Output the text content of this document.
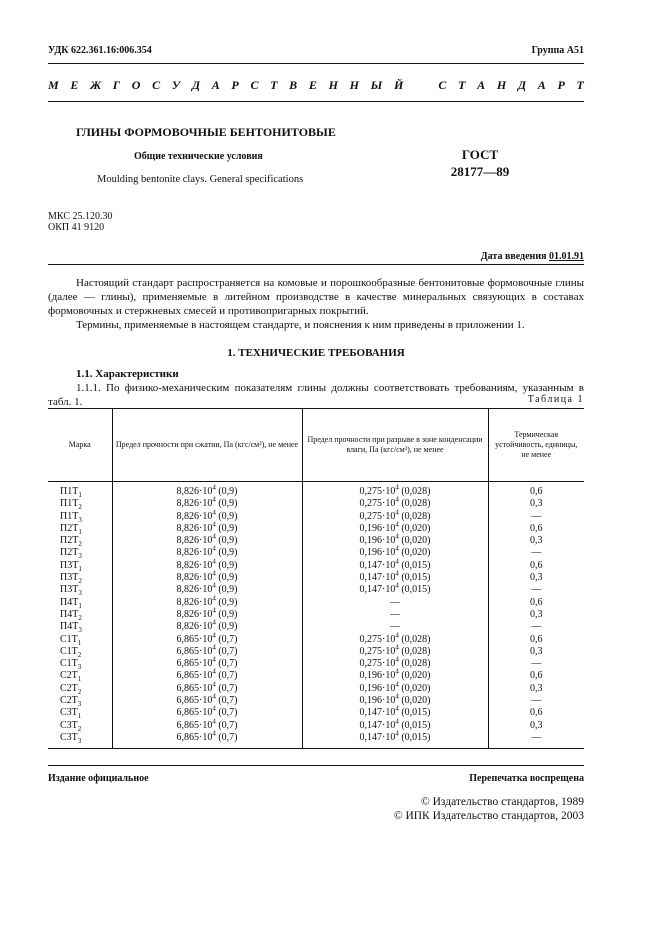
УДК 622.361.16:006.354	Группа А51
М Е Ж Г О С У Д А Р С Т В Е Н Н Ы Й	С Т А Н Д А Р Т
ГЛИНЫ ФОРМОВОЧНЫЕ БЕНТОНИТОВЫЕ
Общие технические условия
Moulding bentonite clays. General specifications
ГОСТ
28177—89
МКС 25.120.30
ОКП 41 9120
Дата введения 01.01.91

Настоящий стандарт распространяется на комовые и порошкообразные бентонитовые формовочные глины (далее — глины), применяемые в литейном производстве в качестве минеральных связующих в составах формовочных и стержневых смесей и противопригарных покрытий.

Термины, применяемые в настоящем стандарте, и пояснения к ним приведены в приложении 1.

1. ТЕХНИЧЕСКИЕ ТРЕБОВАНИЯ

1.1. Характеристики

1.1.1. По физико-механическим показателям глины должны соответствовать требованиям, указанным в табл. 1.	Таблица 1
Марка	Предел прочности при сжатии, Па (кгс/см²), не менее	Предел прочности при разрыве в зоне конденсации влаги, Па (кгс/см²), не менее	Термическая устойчивость, единицы, не менее
$П1Т_1$	$8,826\cdot 10^4$ (0,9)	$0,275\cdot 10^4$ (0,028)	0,6
$П1Т_2$	$8,826\cdot 10^4$ (0,9)	$0,275\cdot 10^4$ (0,028)	0,3
$П1Т_3$	$8,826\cdot 10^4$ (0,9)	$0,275\cdot 10^4$ (0,028)	—
$П2Т_1$	$8,826\cdot 10^4$ (0,9)	$0,196\cdot 10^4$ (0,020)	0,6
$П2Т_2$	$8,826\cdot 10^4$ (0,9)	$0,196\cdot 10^4$ (0,020)	0,3
$П2Т_3$	$8,826\cdot 10^4$ (0,9)	$0,196\cdot 10^4$ (0,020)	—
$П3Т_1$	$8,826\cdot 10^4$ (0,9)	$0,147\cdot 10^4$ (0,015)	0,6
$П3Т_2$	$8,826\cdot 10^4$ (0,9)	$0,147\cdot 10^4$ (0,015)	0,3
$П3Т_3$	$8,826\cdot 10^4$ (0,9)	$0,147\cdot 10^4$ (0,015)	—
$П4Т_1$	$8,826\cdot 10^4$ (0,9)	—	0,6
$П4Т_2$	$8,826\cdot 10^4$ (0,9)	—	0,3
$П4Т_3$	$8,826\cdot 10^4$ (0,9)	—	—
$С1Т_1$	$6,865\cdot 10^4$ (0,7)	$0,275\cdot 10^4$ (0,028)	0,6
$С1Т_2$	$6,865\cdot 10^4$ (0,7)	$0,275\cdot 10^4$ (0,028)	0,3
$С1Т_3$	$6,865\cdot 10^4$ (0,7)	$0,275\cdot 10^4$ (0,028)	—
$С2Т_1$	$6,865\cdot 10^4$ (0,7)	$0,196\cdot 10^4$ (0,020)	0,6
$С2Т_2$	$6,865\cdot 10^4$ (0,7)	$0,196\cdot 10^4$ (0,020)	0,3
$С2Т_3$	$6,865\cdot 10^4$ (0,7)	$0,196\cdot 10^4$ (0,020)	—
$С3Т_1$	$6,865\cdot 10^4$ (0,7)	$0,147\cdot 10^4$ (0,015)	0,6
$С3Т_2$	$6,865\cdot 10^4$ (0,7)	$0,147\cdot 10^4$ (0,015)	0,3
$С3Т_3$	$6,865\cdot 10^4$ (0,7)	$0,147\cdot 10^4$ (0,015)	—
Издание официальное	Перепечатка воспрещена
© Издательство стандартов, 1989
© ИПК Издательство стандартов, 2003
